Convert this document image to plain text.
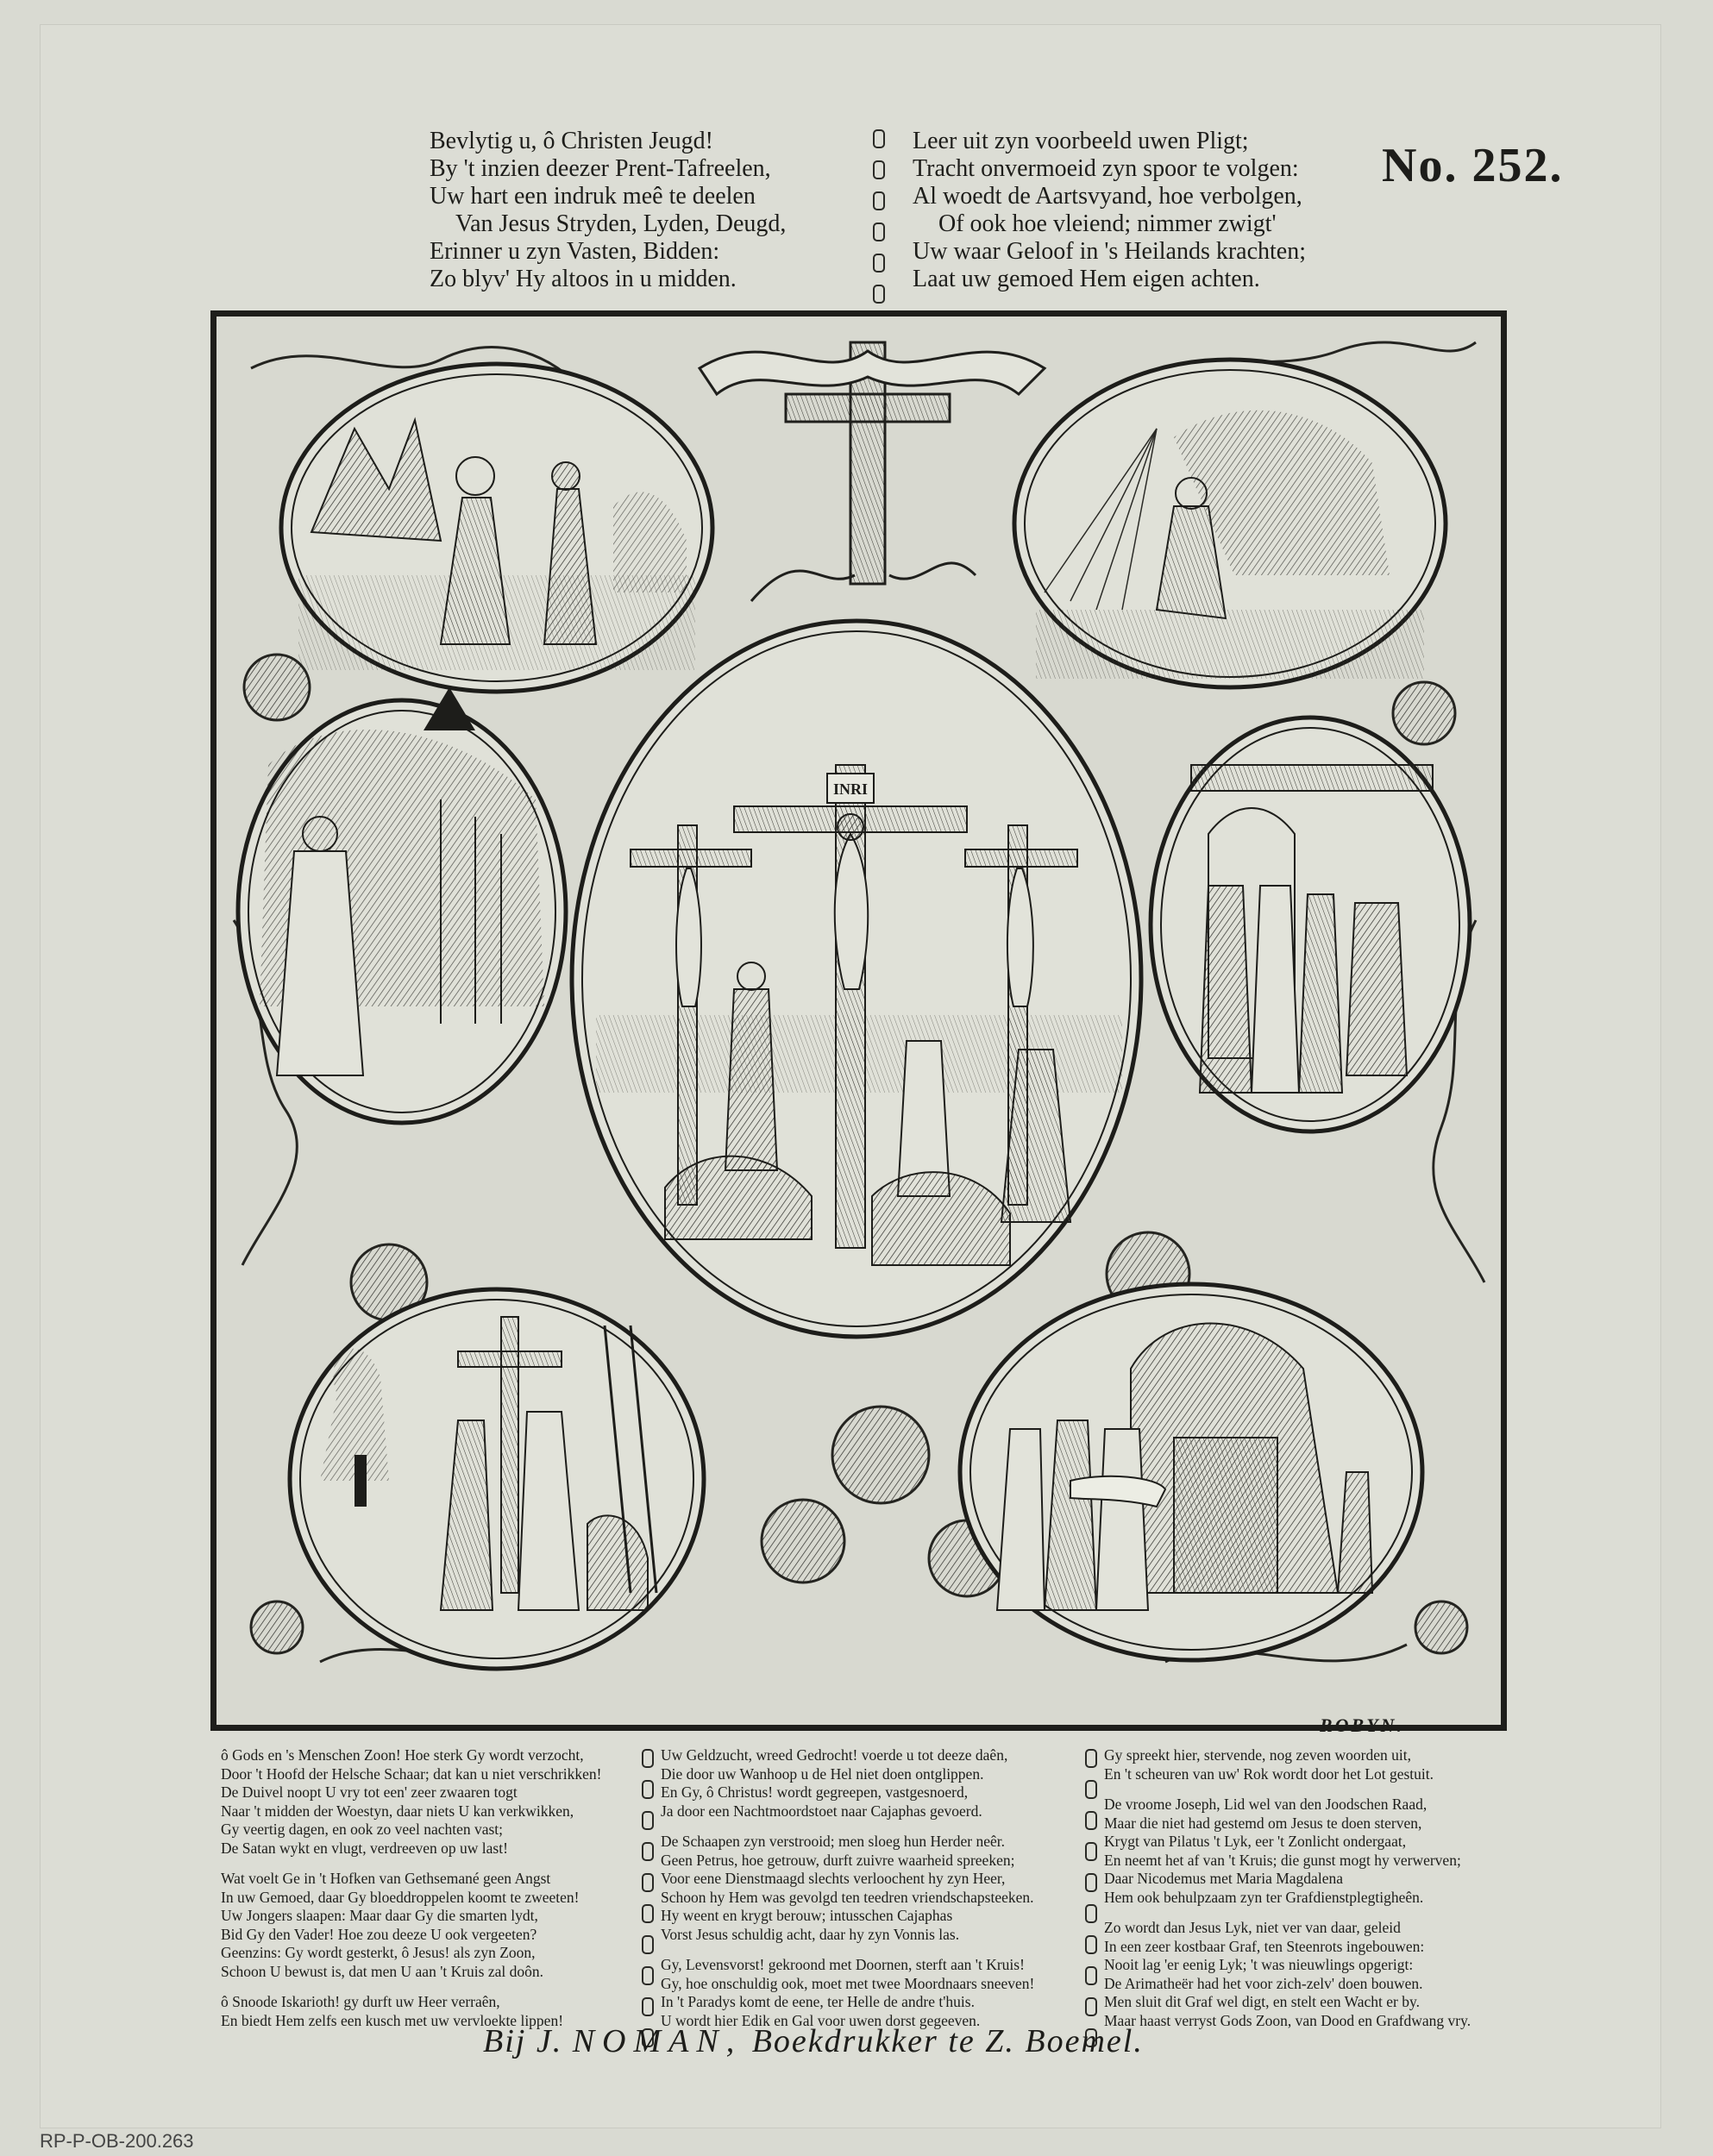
Bevlytig u, ô Christen Jeugd!
By 't inzien deezer Prent-Tafreelen,
Uw hart een indruk meê te deelen
Van Jesus Stryden, Lyden, Deugd,
Erinner u zyn Vasten, Bidden:
Zo blyv' Hy altoos in u midden.
Leer uit zyn voorbeeld uwen Pligt;
Tracht onvermoeid zyn spoor te volgen:
Al woedt de Aartsvyand, hoe verbolgen,
Of ook hoe vleiend; nimmer zwigt'
Uw waar Geloof in 's Heilands krachten;
Laat uw gemoed Hem eigen achten.
No. 252.
INRI
ROBYN.
ô Gods en 's Menschen Zoon! Hoe sterk Gy wordt verzocht,
Door 't Hoofd der Helsche Schaar; dat kan u niet verschrikken!
De Duivel noopt U vry tot een' zeer zwaaren togt
Naar 't midden der Woestyn, daar niets U kan verkwikken,
Gy veertig dagen, en ook zo veel nachten vast;
De Satan wykt en vlugt, verdreeven op uw last!
Wat voelt Ge in 't Hofken van Gethsemané geen Angst
In uw Gemoed, daar Gy bloeddroppelen koomt te zweeten!
Uw Jongers slaapen: Maar daar Gy die smarten lydt,
Bid Gy den Vader! Hoe zou deeze U ook vergeeten?
Geenzins: Gy wordt gesterkt, ô Jesus! als zyn Zoon,
Schoon U bewust is, dat men U aan 't Kruis zal doôn.
ô Snoode Iskarioth! gy durft uw Heer verraên,
En biedt Hem zelfs een kusch met uw vervloekte lippen!
Uw Geldzucht, wreed Gedrocht! voerde u tot deeze daên,
Die door uw Wanhoop u de Hel niet doen ontglippen.
En Gy, ô Christus! wordt gegreepen, vastgesnoerd,
Ja door een Nachtmoordstoet naar Cajaphas gevoerd.
De Schaapen zyn verstrooid; men sloeg hun Herder neêr.
Geen Petrus, hoe getrouw, durft zuivre waarheid spreeken;
Voor eene Dienstmaagd slechts verloochent hy zyn Heer,
Schoon hy Hem was gevolgd ten teedren vriendschapsteeken.
Hy weent en krygt berouw; intusschen Cajaphas
Vorst Jesus schuldig acht, daar hy zyn Vonnis las.
Gy, Levensvorst! gekroond met Doornen, sterft aan 't Kruis!
Gy, hoe onschuldig ook, moet met twee Moordnaars sneeven!
In 't Paradys komt de eene, ter Helle de andre t'huis.
U wordt hier Edik en Gal voor uwen dorst gegeeven.
Gy spreekt hier, stervende, nog zeven woorden uit,
En 't scheuren van uw' Rok wordt door het Lot gestuit.
De vroome Joseph, Lid wel van den Joodschen Raad,
Maar die niet had gestemd om Jesus te doen sterven,
Krygt van Pilatus 't Lyk, eer 't Zonlicht ondergaat,
En neemt het af van 't Kruis; die gunst mogt hy verwerven;
Daar Nicodemus met Maria Magdalena
Hem ook behulpzaam zyn ter Grafdienstplegtigheên.
Zo wordt dan Jesus Lyk, niet ver van daar, geleid
In een zeer kostbaar Graf, ten Steenrots ingebouwen:
Nooit lag 'er eenig Lyk; 't was nieuwlings opgerigt:
De Arimatheër had het voor zich-zelv' doen bouwen.
Men sluit dit Graf wel digt, en stelt een Wacht er by.
Maar haast verryst Gods Zoon, van Dood en Grafdwang vry.
Bij J. NOMAN, Boekdrukker te Z. Boemel.
RP-P-OB-200.263
